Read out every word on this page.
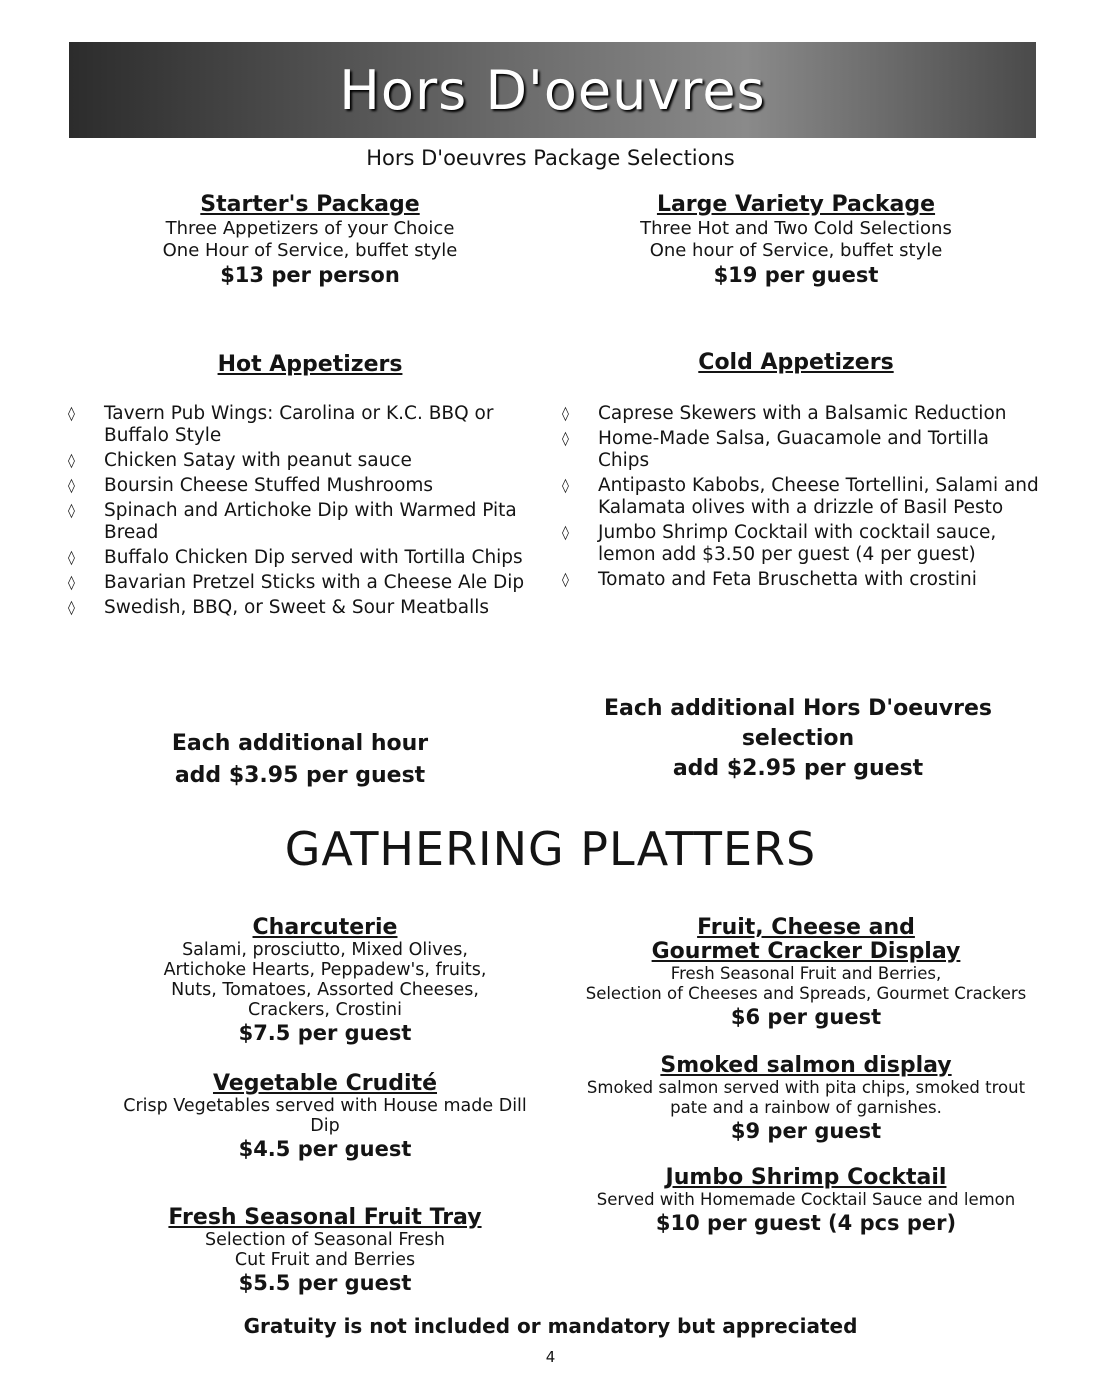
Hors D'oeuvres
Hors D'oeuvres Package Selections
Starter's Package
Three Appetizers of your Choice
One Hour of Service, buffet style
$13 per person
Large Variety Package
Three Hot and Two Cold Selections
One hour of Service, buffet style
$19 per guest
Hot Appetizers
◊ Tavern Pub Wings: Carolina or K.C. BBQ or Buffalo Style
◊ Chicken Satay with peanut sauce
◊ Boursin Cheese Stuffed Mushrooms
◊ Spinach and Artichoke Dip with Warmed Pita Bread
◊ Buffalo Chicken Dip served with Tortilla Chips
◊ Bavarian Pretzel Sticks with a Cheese Ale Dip
◊ Swedish, BBQ, or Sweet & Sour Meatballs
Cold Appetizers
◊ Caprese Skewers with a Balsamic Reduction
◊ Home-Made Salsa, Guacamole and Tortilla Chips
◊ Antipasto Kabobs, Cheese Tortellini, Salami and Kalamata olives with a drizzle of Basil Pesto
◊ Jumbo Shrimp Cocktail with cocktail sauce, lemon add $3.50 per guest (4 per guest)
◊ Tomato and Feta Bruschetta with crostini
Each additional hour
add $3.95 per guest
Each additional Hors D'oeuvres
selection
add $2.95 per guest
GATHERING PLATTERS
Charcuterie
Salami, prosciutto, Mixed Olives,
Artichoke Hearts, Peppadew's, fruits,
Nuts, Tomatoes, Assorted Cheeses,
Crackers, Crostini
$7.5 per guest
Vegetable Crudité
Crisp Vegetables served with House made Dill
Dip
$4.5 per guest
Fresh Seasonal Fruit Tray
Selection of Seasonal Fresh
Cut Fruit and Berries
$5.5 per guest
Fruit, Cheese and
Gourmet Cracker Display
Fresh Seasonal Fruit and Berries,
Selection of Cheeses and Spreads, Gourmet Crackers
$6 per guest
Smoked salmon display
Smoked salmon served with pita chips, smoked trout
pate and a rainbow of garnishes.
$9 per guest
Jumbo Shrimp Cocktail
Served with Homemade Cocktail Sauce and lemon
$10 per guest (4 pcs per)
Gratuity is not included or mandatory but appreciated
4
